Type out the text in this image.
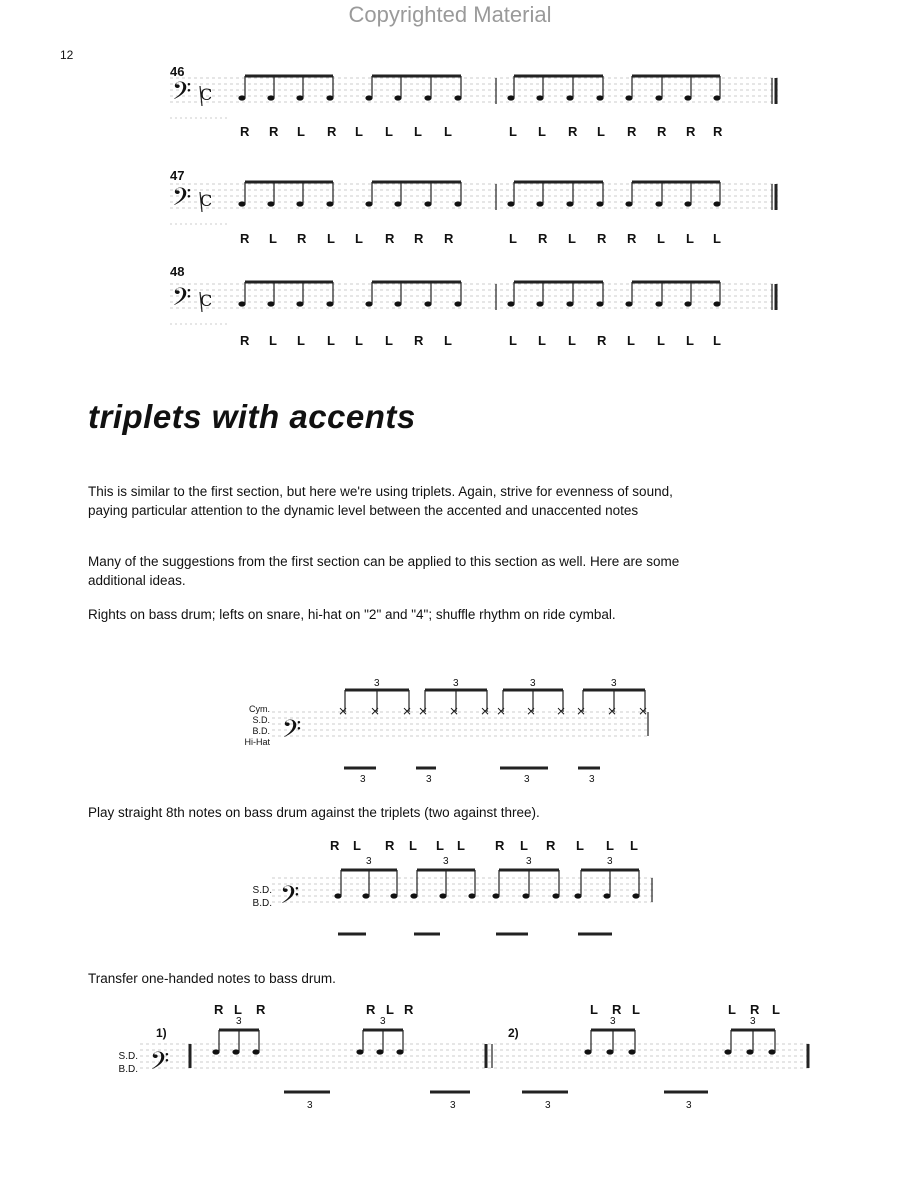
Copyrighted Material
12
46
47
48
𝄢 C
𝄢 C
𝄢 C
𝄢
× × ×
3
× × ×
3
× × ×
3
× × ×
3
3	3	3	3
𝄢
3	3	3	3
𝄢
3	3	3	3
3	3	3	3
R R L R L L L L	L L R L R R R R
R L R L L R R R	L R L R R L L L
R L L L L L R L	L L L R L L L L
triplets with accents

This is similar to the first section, but here we're using triplets. Again, strive for evenness of sound, paying particular attention to the dynamic level between the accented and unaccented notes

Many of the suggestions from the first section can be applied to this section as well. Here are some additional ideas.

Rights on bass drum; lefts on snare, hi-hat on "2" and "4"; shuffle rhythm on ride cymbal.

Cym.
S.D.
B.D.
Hi-Hat

Play straight 8th notes on bass drum against the triplets (two against three).

R L R L L L R L R L L L
S.D.
B.D.

Transfer one-handed notes to bass drum.

R L R	R L R	L R L	L R L
1)	2)
S.D.
B.D.
